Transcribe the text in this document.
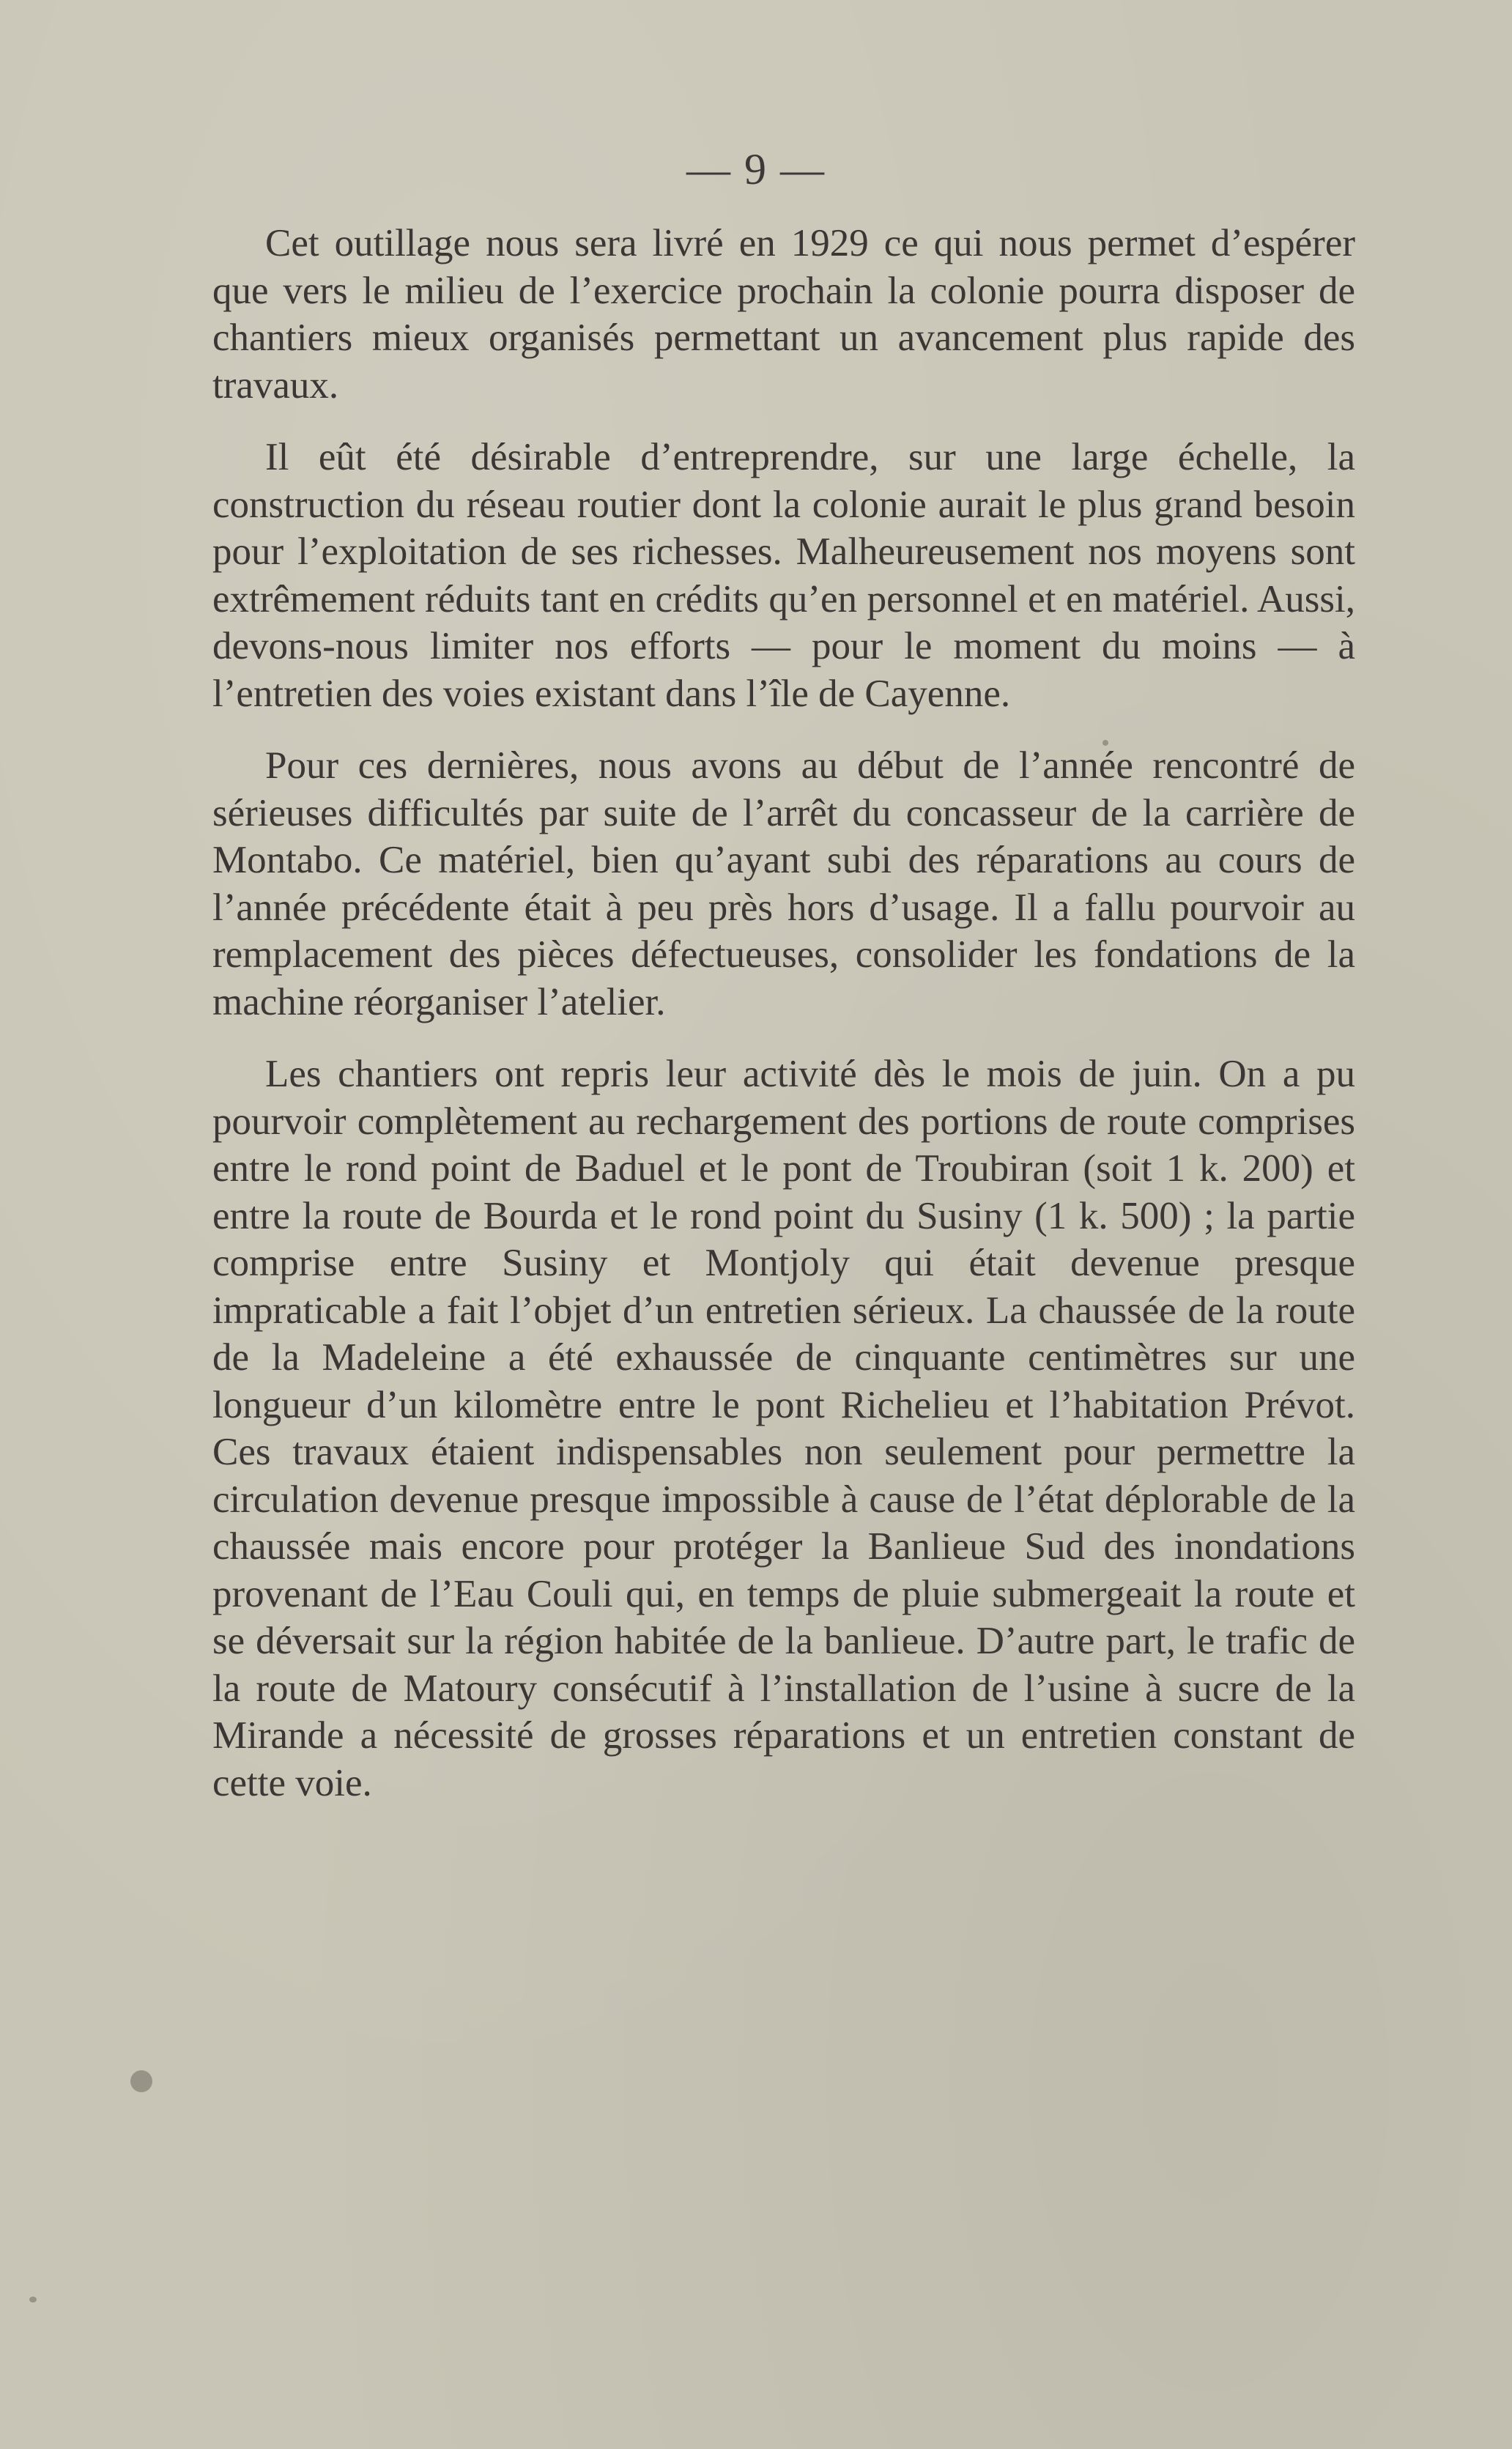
— 9 —

Cet outillage nous sera livré en 1929 ce qui nous permet d’espérer que vers le milieu de l’exercice prochain la colonie pourra disposer de chantiers mieux organisés permettant un avancement plus rapide des travaux.

Il eût été désirable d’entreprendre, sur une large échelle, la construction du réseau routier dont la colonie aurait le plus grand besoin pour l’exploitation de ses richesses. Malheureusement nos moyens sont extrêmement réduits tant en crédits qu’en personnel et en matériel. Aussi, devons-nous limiter nos efforts — pour le moment du moins — à l’entretien des voies existant dans l’île de Cayenne.

Pour ces dernières, nous avons au début de l’année rencontré de sérieuses difficultés par suite de l’arrêt du concasseur de la carrière de Montabo. Ce matériel, bien qu’ayant subi des réparations au cours de l’année précédente était à peu près hors d’usage. Il a fallu pourvoir au remplacement des pièces défectueuses, consolider les fondations de la machine réorganiser l’atelier.

Les chantiers ont repris leur activité dès le mois de juin. On a pu pourvoir complètement au rechargement des portions de route comprises entre le rond point de Baduel et le pont de Troubiran (soit 1 k. 200) et entre la route de Bourda et le rond point du Susiny (1 k. 500) ; la partie comprise entre Susiny et Montjoly qui était devenue presque impraticable a fait l’objet d’un entretien sérieux. La chaussée de la route de la Madeleine a été exhaussée de cinquante centimètres sur une longueur d’un kilomètre entre le pont Richelieu et l’habitation Prévot. Ces travaux étaient indispensables non seulement pour permettre la circulation devenue presque impossible à cause de l’état déplorable de la chaussée mais encore pour protéger la Banlieue Sud des inondations provenant de l’Eau Couli qui, en temps de pluie submergeait la route et se déversait sur la région habitée de la banlieue. D’autre part, le trafic de la route de Matoury consécutif à l’installation de l’usine à sucre de la Mirande a nécessité de grosses réparations et un entretien constant de cette voie.
